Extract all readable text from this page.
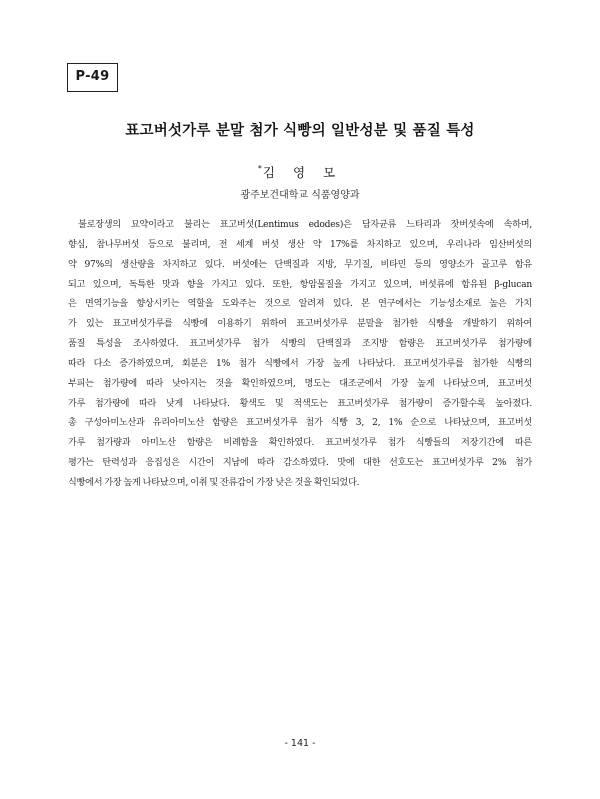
P-49
표고버섯가루 분말 첨가 식빵의 일반성분 및 품질 특성
*김 영 모
광주보건대학교 식품영양과
불로장생의 묘약이라고 불리는 표고버섯(Lentimus edodes)은 담자균류 느타리과 잣버섯속에 속하며,
향심, 참나무버섯 등으로 불리며, 전 세계 버섯 생산 약 17%를 차지하고 있으며, 우리나라 임산버섯의
약 97%의 생산량을 차지하고 있다. 버섯에는 단백질과 지방, 무기질, 비타민 등의 영양소가 골고루 함유
되고 있으며, 독특한 맛과 향을 가지고 있다. 또한, 항암물질을 가지고 있으며, 버섯류에 함유된 β-glucan
은 면역기능을 향상시키는 역할을 도와주는 것으로 알려져 있다. 본 연구에서는 기능성소재로 높은 가치
가 있는 표고버섯가루를 식빵에 이용하기 위하여 표고버섯가루 분말을 첨가한 식빵을 개발하기 위하여
품질 특성을 조사하였다. 표고버섯가루 첨가 식빵의 단백질과 조지방 함량은 표고버섯가루 첨가량에
따라 다소 증가하였으며, 회분은 1% 첨가 식빵에서 가장 높게 나타났다. 표고버섯가루를 첨가한 식빵의
부피는 첨가량에 따라 낮아지는 것을 확인하였으며, 명도는 대조군에서 가장 높게 나타났으며, 표고버섯
가루 첨가량에 따라 낮게 나타났다. 황색도 및 적색도는 표고버섯가루 첨가량이 증가할수록 높아졌다.
총 구성아미노산과 유리아미노산 함량은 표고버섯가루 첨가 식빵 3, 2, 1% 순으로 나타났으며, 표고버섯
가루 첨가량과 아미노산 함량은 비례함을 확인하였다. 표고버섯가루 첨가 식빵들의 저장기간에 따른
평가는 탄력성과 응집성은 시간이 지남에 따라 감소하였다. 맛에 대한 선호도는 표고버섯가루 2% 첨가
식빵에서 가장 높게 나타났으며, 이취 및 잔류감이 가장 낮은 것을 확인되었다.
- 141 -
